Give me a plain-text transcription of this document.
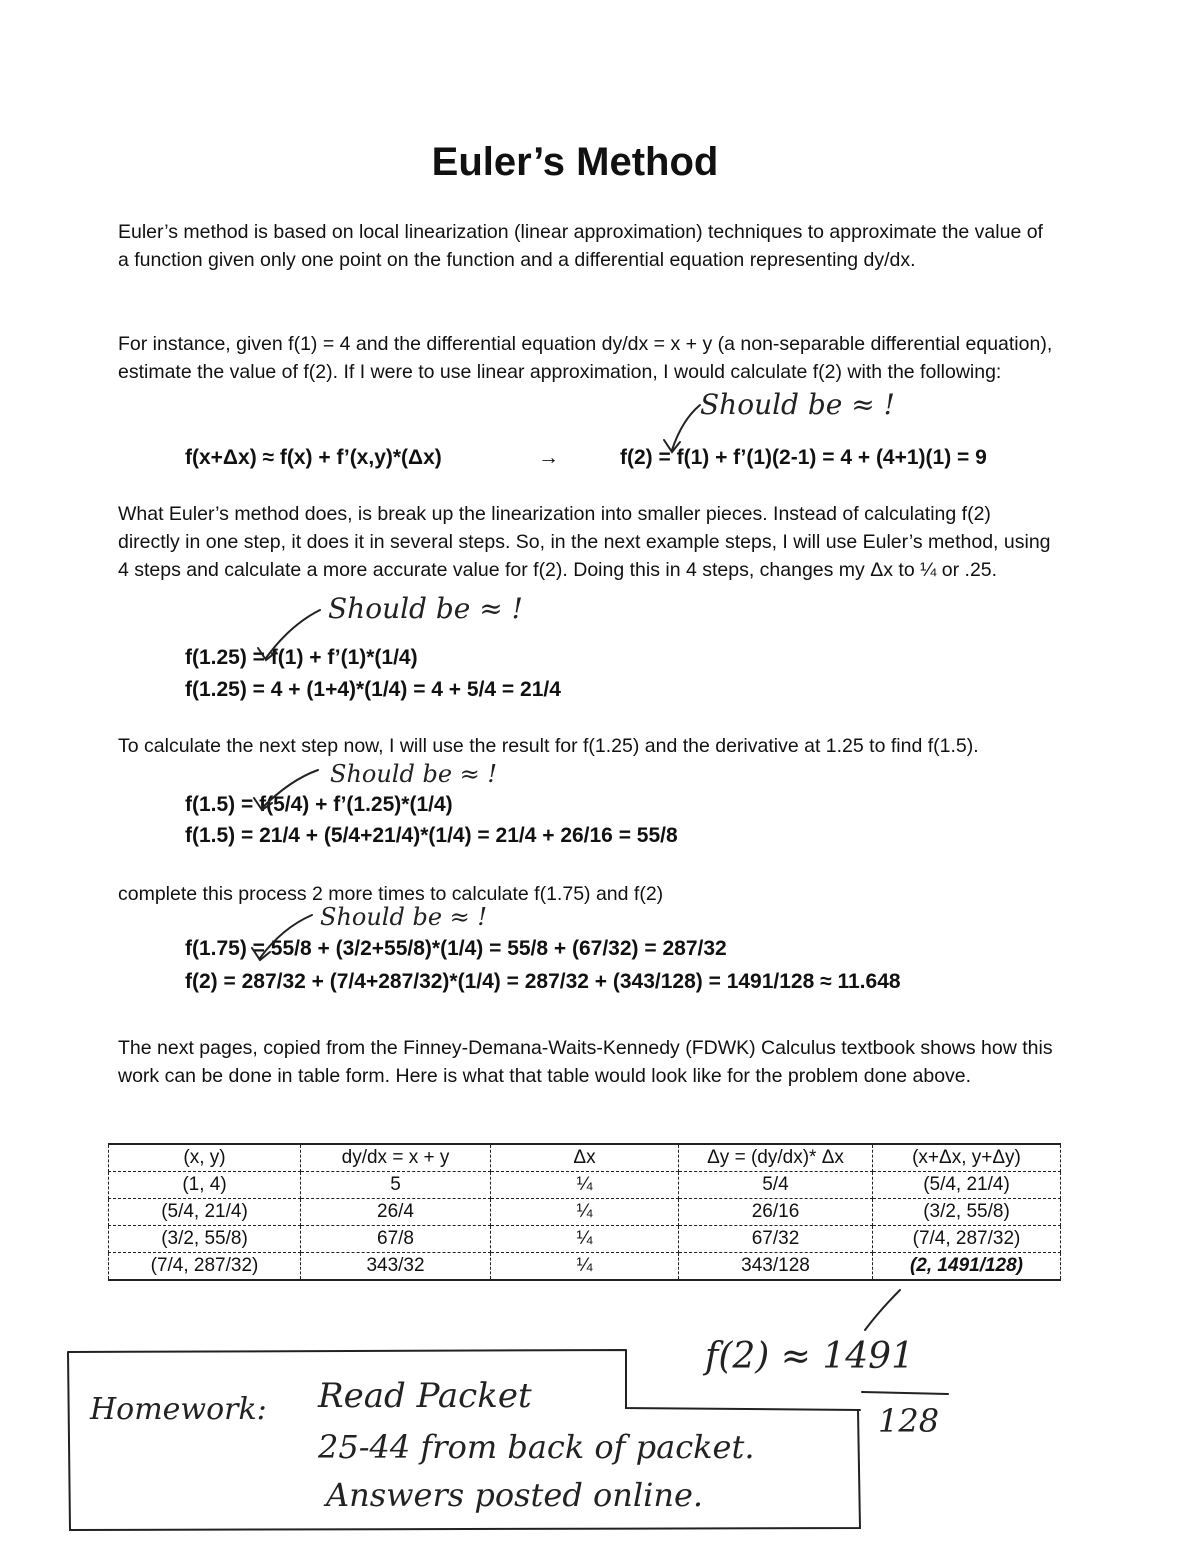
Euler’s Method

Euler’s method is based on local linearization (linear approximation) techniques to approximate the value of a function given only one point on the function and a differential equation representing dy/dx.

For instance, given f(1) = 4 and the differential equation dy/dx = x + y (a non-separable differential equation), estimate the value of f(2). If I were to use linear approximation, I would calculate f(2) with the following:

Should be ≈ !
f(x+Δx) ≈ f(x) + f’(x,y)*(Δx)	→	f(2) = f(1) + f’(1)(2-1) = 4 + (4+1)(1) = 9

What Euler’s method does, is break up the linearization into smaller pieces. Instead of calculating f(2) directly in one step, it does it in several steps. So, in the next example steps, I will use Euler’s method, using 4 steps and calculate a more accurate value for f(2). Doing this in 4 steps, changes my Δx to ¼ or .25.

Should be ≈ !
f(1.25) = f(1) + f’(1)*(1/4)
f(1.25) = 4 + (1+4)*(1/4) = 4 + 5/4 = 21/4

To calculate the next step now, I will use the result for f(1.25) and the derivative at 1.25 to find f(1.5).

Should be ≈ !
f(1.5) = f(5/4) + f’(1.25)*(1/4)
f(1.5) = 21/4 + (5/4+21/4)*(1/4) = 21/4 + 26/16 = 55/8

complete this process 2 more times to calculate f(1.75) and f(2)

Should be ≈ !
f(1.75) = 55/8 + (3/2+55/8)*(1/4) = 55/8 + (67/32) = 287/32
f(2) = 287/32 + (7/4+287/32)*(1/4) = 287/32 + (343/128) = 1491/128 ≈ 11.648

The next pages, copied from the Finney-Demana-Waits-Kennedy (FDWK) Calculus textbook shows how this work can be done in table form. Here is what that table would look like for the problem done above.

(x, y)	dy/dx = x + y	Δx	Δy = (dy/dx)* Δx	(x+Δx, y+Δy)
(1, 4)	5	¼	5/4	(5/4, 21/4)
(5/4, 21/4)	26/4	¼	26/16	(3/2, 55/8)
(3/2, 55/8)	67/8	¼	67/32	(7/4, 287/32)
(7/4, 287/32)	343/32	¼	343/128	(2, 1491/128)
f(2) ≈ 1491
128
Homework: Read Packet
25-44 from back of packet.
Answers posted online.
